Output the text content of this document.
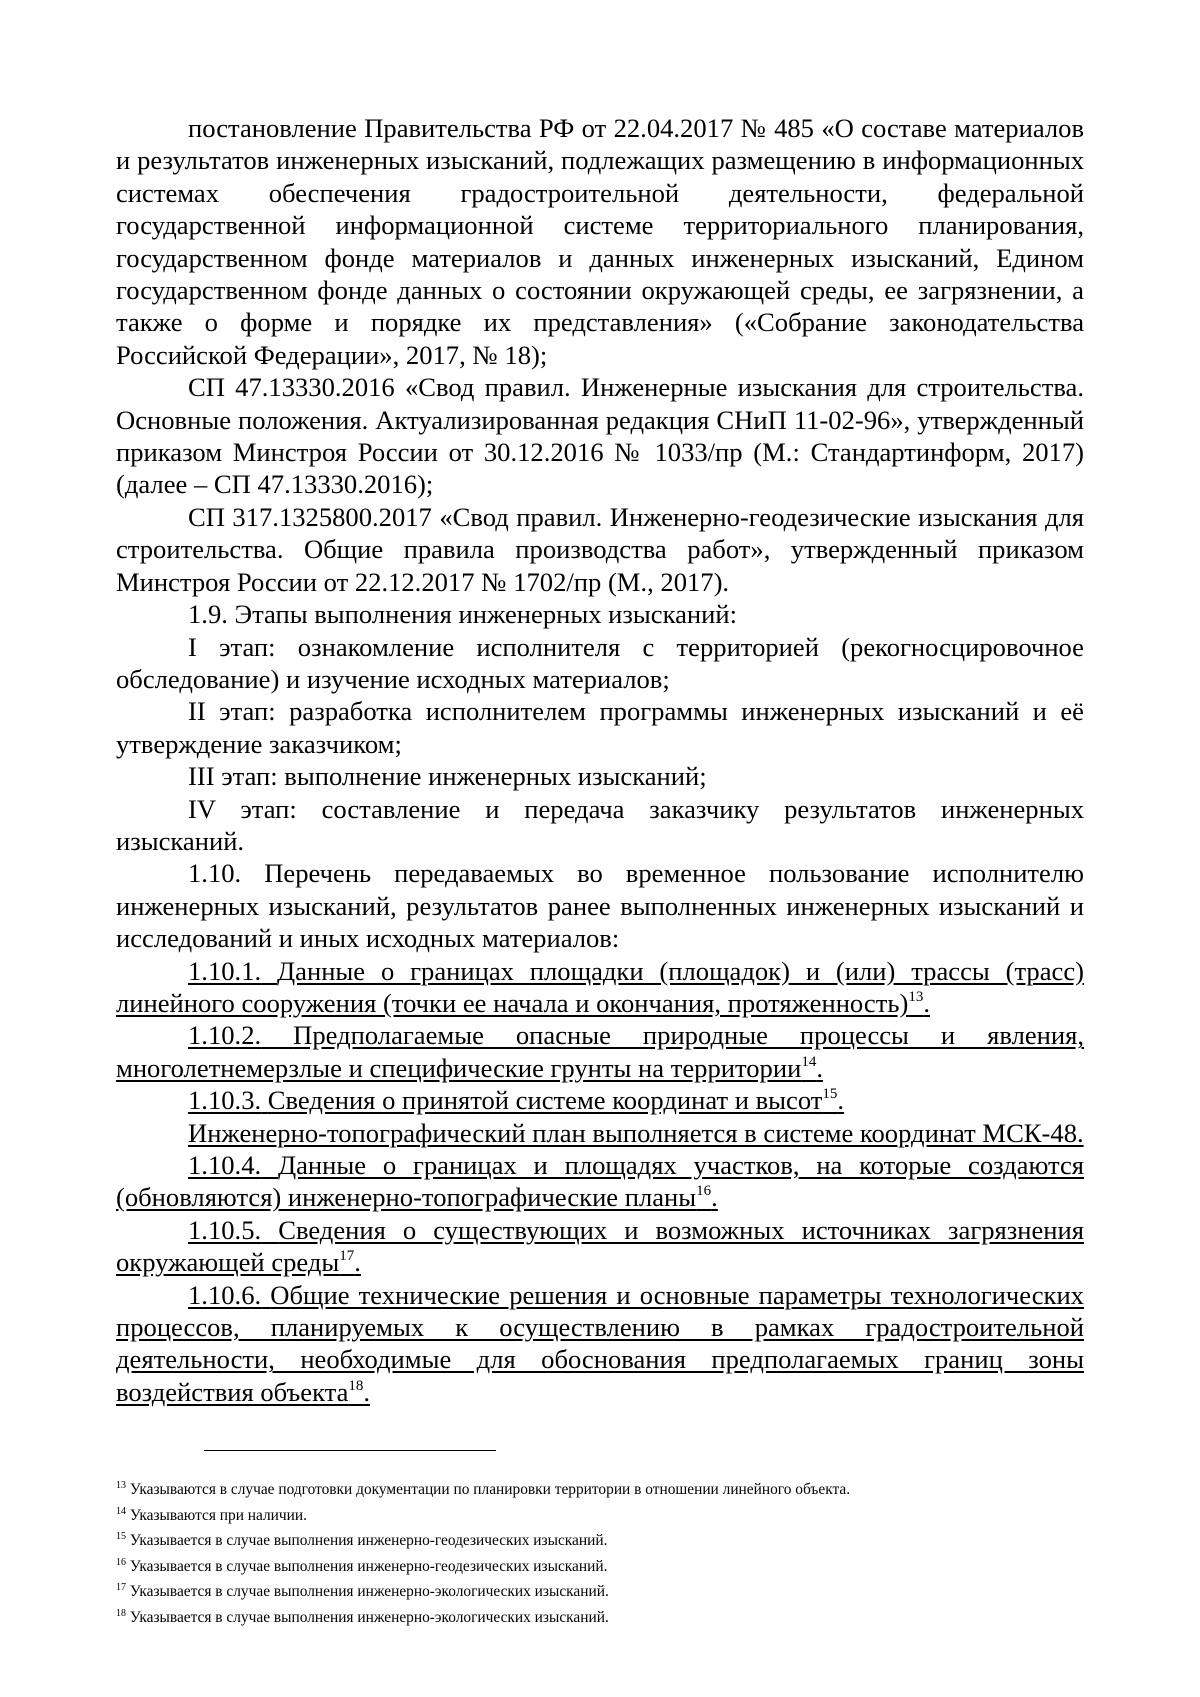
постановление Правительства РФ от 22.04.2017 № 485 «О составе материалов и результатов инженерных изысканий, подлежащих размещению в информационных системах обеспечения градостроительной деятельности, федеральной государственной информационной системе территориального планирования, государственном фонде материалов и данных инженерных изысканий, Едином государственном фонде данных о состоянии окружающей среды, ее загрязнении, а также о форме и порядке их представления» («Собрание законодательства Российской Федерации», 2017, № 18);

СП 47.13330.2016 «Свод правил. Инженерные изыскания для строительства. Основные положения. Актуализированная редакция СНиП 11-02-96», утвержденный приказом Минстроя России от 30.12.2016 № 1033/пр (М.: Стандартинформ, 2017) (далее – СП 47.13330.2016);

СП 317.1325800.2017 «Свод правил. Инженерно-геодезические изыскания для строительства. Общие правила производства работ», утвержденный приказом Минстроя России от 22.12.2017 № 1702/пр (М., 2017).

1.9. Этапы выполнения инженерных изысканий:

I этап: ознакомление исполнителя с территорией (рекогносцировочное обследование) и изучение исходных материалов;

II этап: разработка исполнителем программы инженерных изысканий и её утверждение заказчиком;

III этап: выполнение инженерных изысканий;

IV этап: составление и передача заказчику результатов инженерных изысканий.

1.10. Перечень передаваемых во временное пользование исполнителю инженерных изысканий, результатов ранее выполненных инженерных изысканий и исследований и иных исходных материалов:

1.10.1. Данные о границах площадки (площадок) и (или) трассы (трасс) линейного сооружения (точки ее начала и окончания, протяженность)$^{13}$.

1.10.2. Предполагаемые опасные природные процессы и явления, многолетнемерзлые и специфические грунты на территории$^{14}$.

1.10.3. Сведения о принятой системе координат и высот$^{15}$.

Инженерно-топографический план выполняется в системе координат МСК-48.

1.10.4. Данные о границах и площадях участков, на которые создаются (обновляются) инженерно-топографические планы$^{16}$.

1.10.5. Сведения о существующих и возможных источниках загрязнения окружающей среды$^{17}$.

1.10.6. Общие технические решения и основные параметры технологических процессов, планируемых к осуществлению в рамках градостроительной деятельности, необходимые для обоснования предполагаемых границ зоны воздействия объекта$^{18}$.

$^{13}$ Указываются в случае подготовки документации по планировки территории в отношении линейного объекта.

$^{14}$ Указываются при наличии.

$^{15}$ Указывается в случае выполнения инженерно-геодезических изысканий.

$^{16}$ Указывается в случае выполнения инженерно-геодезических изысканий.

$^{17}$ Указывается в случае выполнения инженерно-экологических изысканий.

$^{18}$ Указывается в случае выполнения инженерно-экологических изысканий.
